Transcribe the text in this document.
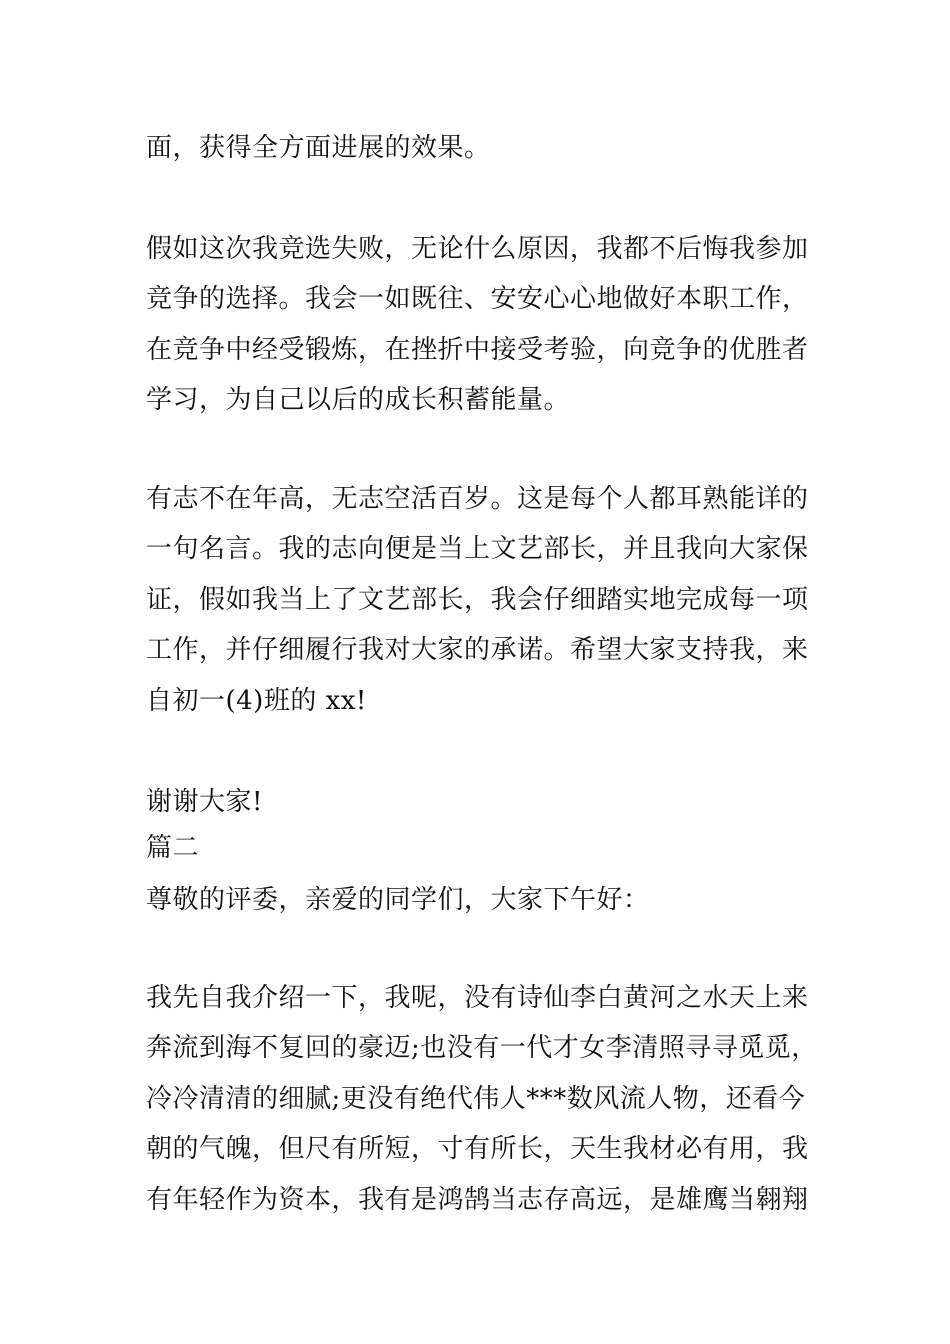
面，获得全方面进展的效果。
假如这次我竞选失败，无论什么原因，我都不后悔我参加
竞争的选择。我会一如既往、安安心心地做好本职工作，
在竞争中经受锻炼，在挫折中接受考验，向竞争的优胜者
学习，为自己以后的成长积蓄能量。
有志不在年高，无志空活百岁。这是每个人都耳熟能详的
一句名言。我的志向便是当上文艺部长，并且我向大家保
证，假如我当上了文艺部长，我会仔细踏实地完成每一项
工作，并仔细履行我对大家的承诺。希望大家支持我，来
自初一(4)班的 xx!
谢谢大家!
篇二
尊敬的评委，亲爱的同学们，大家下午好：
我先自我介绍一下，我呢，没有诗仙李白黄河之水天上来
奔流到海不复回的豪迈;也没有一代才女李清照寻寻觅觅，
冷冷清清的细腻;更没有绝代伟人***数风流人物，还看今
朝的气魄，但尺有所短，寸有所长，天生我材必有用，我
有年轻作为资本，我有是鸿鹄当志存高远，是雄鹰当翱翔
